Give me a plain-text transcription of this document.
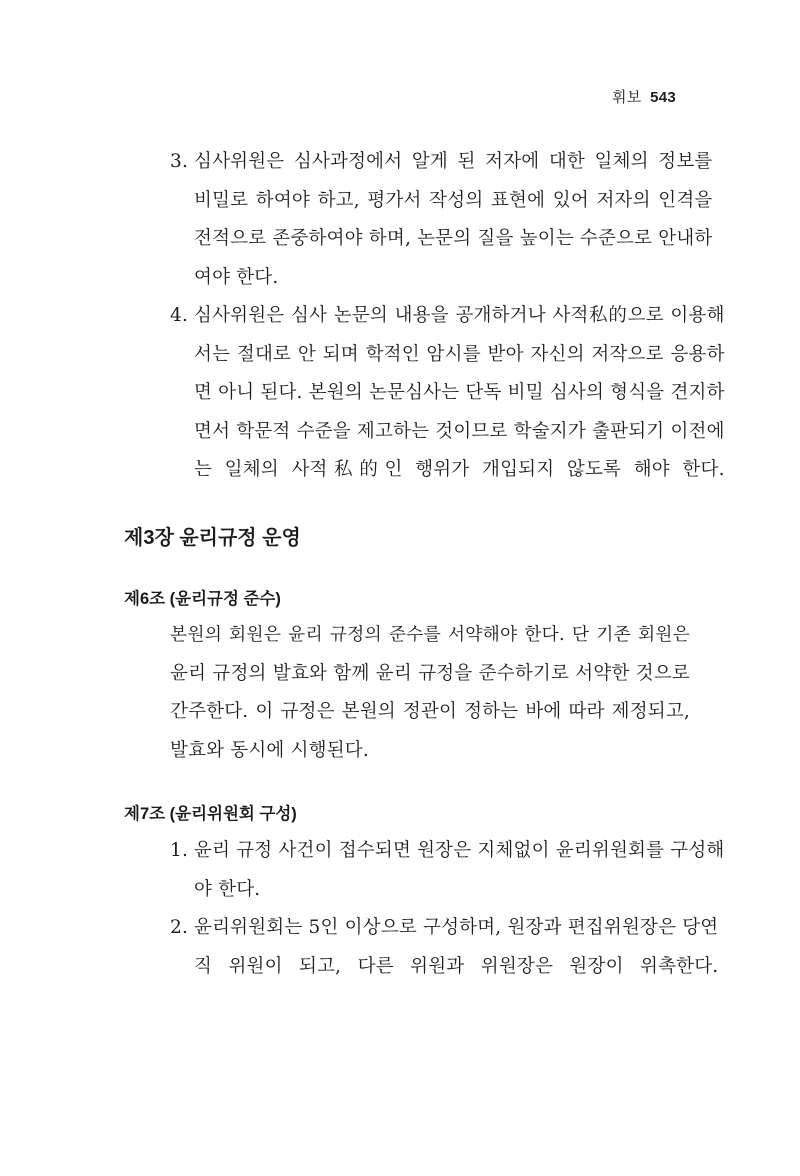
휘보 543
3. 심사위원은 심사과정에서 알게 된 저자에 대한 일체의 정보를
비밀로 하여야 하고, 평가서 작성의 표현에 있어 저자의 인격을
전적으로 존중하여야 하며, 논문의 질을 높이는 수준으로 안내하
여야 한다.
4. 심사위원은 심사 논문의 내용을 공개하거나 사적私的으로 이용해
서는 절대로 안 되며 학적인 암시를 받아 자신의 저작으로 응용하
면 아니 된다. 본원의 논문심사는 단독 비밀 심사의 형식을 견지하
면서 학문적 수준을 제고하는 것이므로 학술지가 출판되기 이전에
는 일체의 사적私的인 행위가 개입되지 않도록 해야 한다.
제3장 윤리규정 운영
제6조 (윤리규정 준수)
본원의 회원은 윤리 규정의 준수를 서약해야 한다. 단 기존 회원은
윤리 규정의 발효와 함께 윤리 규정을 준수하기로 서약한 것으로
간주한다. 이 규정은 본원의 정관이 정하는 바에 따라 제정되고,
발효와 동시에 시행된다.
제7조 (윤리위원회 구성)
1. 윤리 규정 사건이 접수되면 원장은 지체없이 윤리위원회를 구성해
야 한다.
2. 윤리위원회는 5인 이상으로 구성하며, 원장과 편집위원장은 당연
직 위원이 되고, 다른 위원과 위원장은 원장이 위촉한다.
